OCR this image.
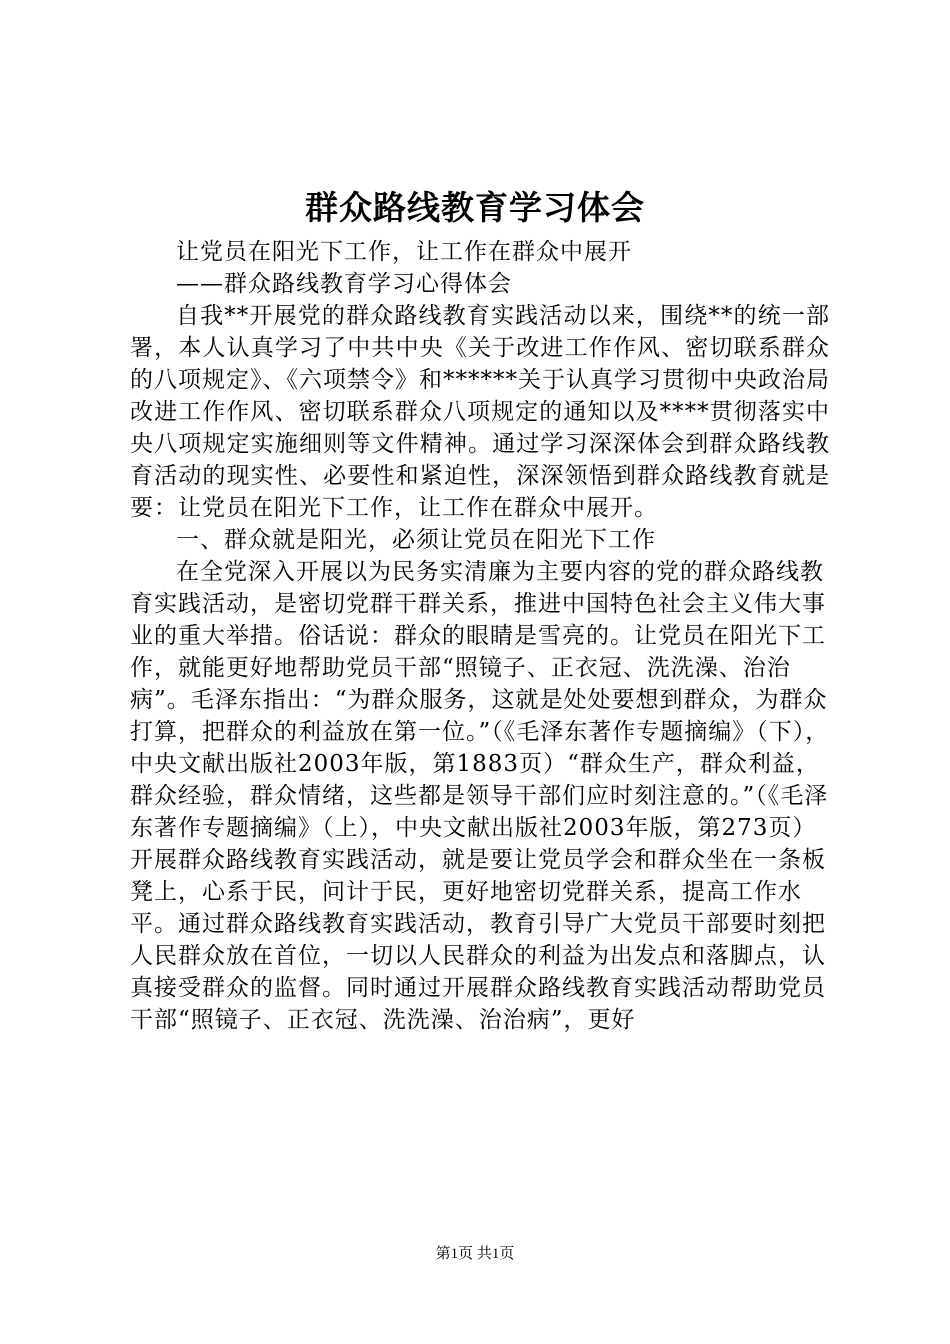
群众路线教育学习体会

让党员在阳光下工作，让工作在群众中展开

——群众路线教育学习心得体会

自我**开展党的群众路线教育实践活动以来，围绕**的统一部署，本人认真学习了中共中央《关于改进工作作风、密切联系群众的八项规定》、《六项禁令》和******关于认真学习贯彻中央政治局改进工作作风、密切联系群众八项规定的通知以及****贯彻落实中央八项规定实施细则等文件精神。通过学习深深体会到群众路线教育活动的现实性、必要性和紧迫性，深深领悟到群众路线教育就是要：让党员在阳光下工作，让工作在群众中展开。

一、群众就是阳光，必须让党员在阳光下工作

在全党深入开展以为民务实清廉为主要内容的党的群众路线教育实践活动，是密切党群干群关系，推进中国特色社会主义伟大事业的重大举措。俗话说：群众的眼睛是雪亮的。让党员在阳光下工作，就能更好地帮助党员干部“照镜子、正衣冠、洗洗澡、治治病”。毛泽东指出：“为群众服务，这就是处处要想到群众，为群众打算，把群众的利益放在第一位。”（《毛泽东著作专题摘编》（下），中央文献出版社2003年版，第1883页）“群众生产，群众利益，群众经验，群众情绪，这些都是领导干部们应时刻注意的。”（《毛泽东著作专题摘编》（上），中央文献出版社2003年版，第273页）开展群众路线教育实践活动，就是要让党员学会和群众坐在一条板凳上，心系于民，问计于民，更好地密切党群关系，提高工作水平。通过群众路线教育实践活动，教育引导广大党员干部要时刻把人民群众放在首位，一切以人民群众的利益为出发点和落脚点，认真接受群众的监督。同时通过开展群众路线教育实践活动帮助党员干部“照镜子、正衣冠、洗洗澡、治治病”，更好

第1页 共1页
